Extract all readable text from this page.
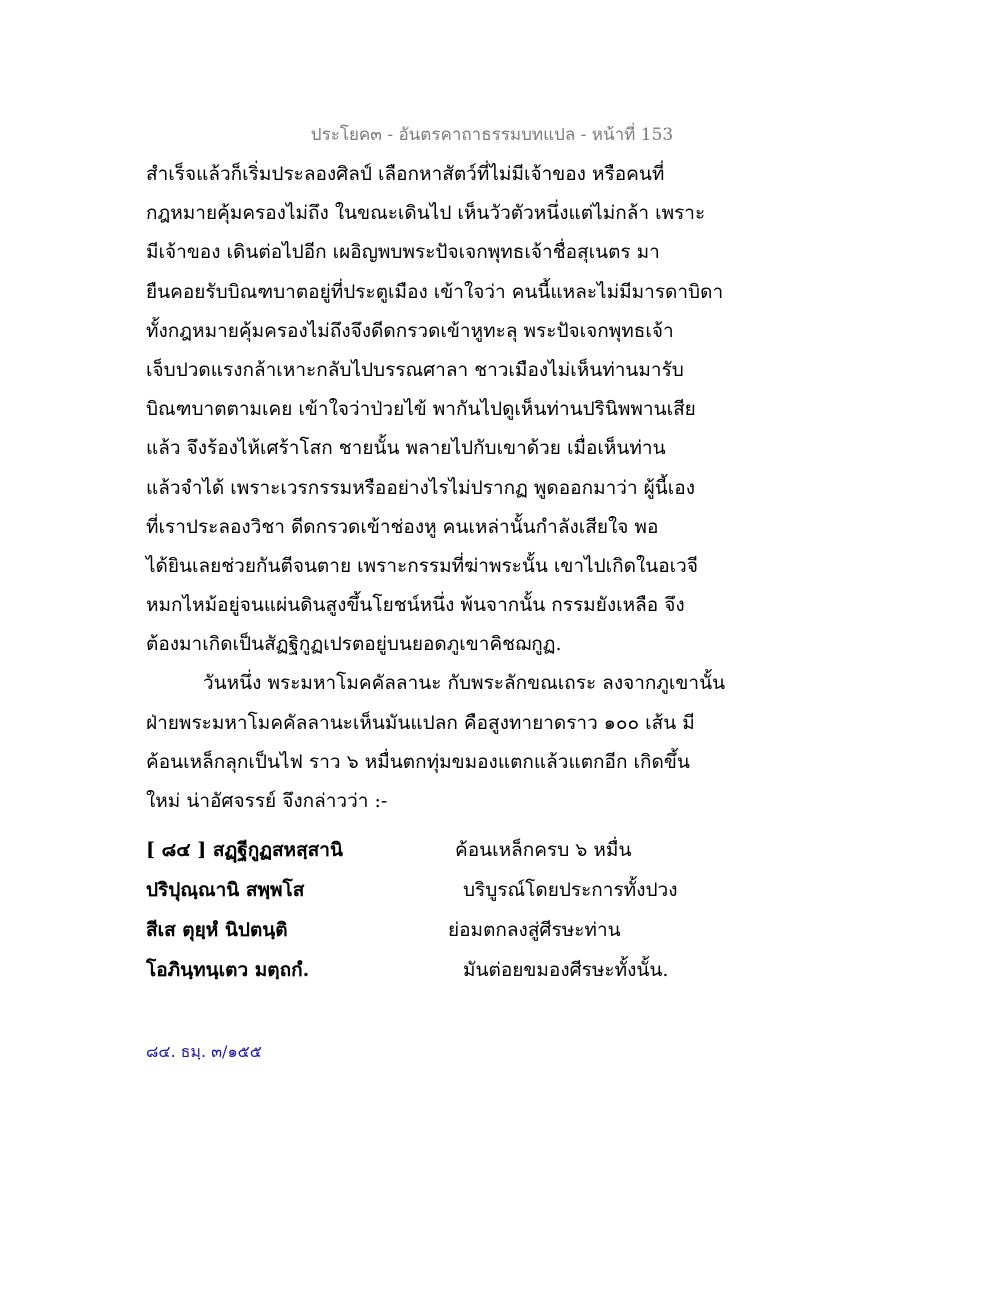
ประโยค๓ - อันตรคาถาธรรมบทแปล - หน้าที่ 153
สำเร็จแล้วก็เริ่มประลองศิลป์ เลือกหาสัตว์ที่ไม่มีเจ้าของ หรือคนที่
กฎหมายคุ้มครองไม่ถึง ในขณะเดินไป เห็นวัวตัวหนึ่งแต่ไม่กล้า เพราะ
มีเจ้าของ เดินต่อไปอีก เผอิญพบพระปัจเจกพุทธเจ้าชื่อสุเนตร มา
ยืนคอยรับบิณฑบาตอยู่ที่ประตูเมือง เข้าใจว่า คนนี้แหละไม่มีมารดาบิดา
ทั้งกฎหมายคุ้มครองไม่ถึงจึงดีดกรวดเข้าหูทะลุ พระปัจเจกพุทธเจ้า
เจ็บปวดแรงกล้าเหาะกลับไปบรรณศาลา ชาวเมืองไม่เห็นท่านมารับ
บิณฑบาตตามเคย เข้าใจว่าป่วยไข้ พากันไปดูเห็นท่านปรินิพพานเสีย
แล้ว จึงร้องไห้เศร้าโสก ชายนั้น พลายไปกับเขาด้วย เมื่อเห็นท่าน
แล้วจำได้ เพราะเวรกรรมหรืออย่างไรไม่ปรากฏ พูดออกมาว่า ผู้นี้เอง
ที่เราประลองวิชา ดีดกรวดเข้าช่องหู คนเหล่านั้นกำลังเสียใจ พอ
ได้ยินเลยช่วยกันตีจนตาย เพราะกรรมที่ฆ่าพระนั้น เขาไปเกิดในอเวจี
หมกไหม้อยู่จนแผ่นดินสูงขึ้นโยชน์หนึ่ง พ้นจากนั้น กรรมยังเหลือ จึง
ต้องมาเกิดเป็นสัฏฐิกูฏเปรตอยู่บนยอดภูเขาคิชฌกูฏ.
วันหนึ่ง พระมหาโมคคัลลานะ กับพระลักขณเถระ ลงจากภูเขานั้น
ฝ่ายพระมหาโมคคัลลานะเห็นมันแปลก คือสูงทายาดราว ๑๐๐ เส้น มี
ค้อนเหล็กลุกเป็นไฟ ราว ๖ หมื่นตกทุ่มขมองแตกแล้วแตกอีก เกิดขึ้น
ใหม่ น่าอัศจรรย์ จึงกล่าวว่า :-
[ ๘๔ ] สฏฺฐีกูฏสหสฺสานิ	ค้อนเหล็กครบ ๖ หมื่น
ปริปุณฺณานิ สพฺพโส	บริบูรณ์โดยประการทั้งปวง
สีเส ตุยฺหํ นิปตนฺติ	ย่อมตกลงสู่ศีรษะท่าน
โอภินฺทนฺเตว มตฺถกํ.	มันต่อยขมองศีรษะทั้งนั้น.
๘๔. ธมฺ. ๓/๑๕๕
